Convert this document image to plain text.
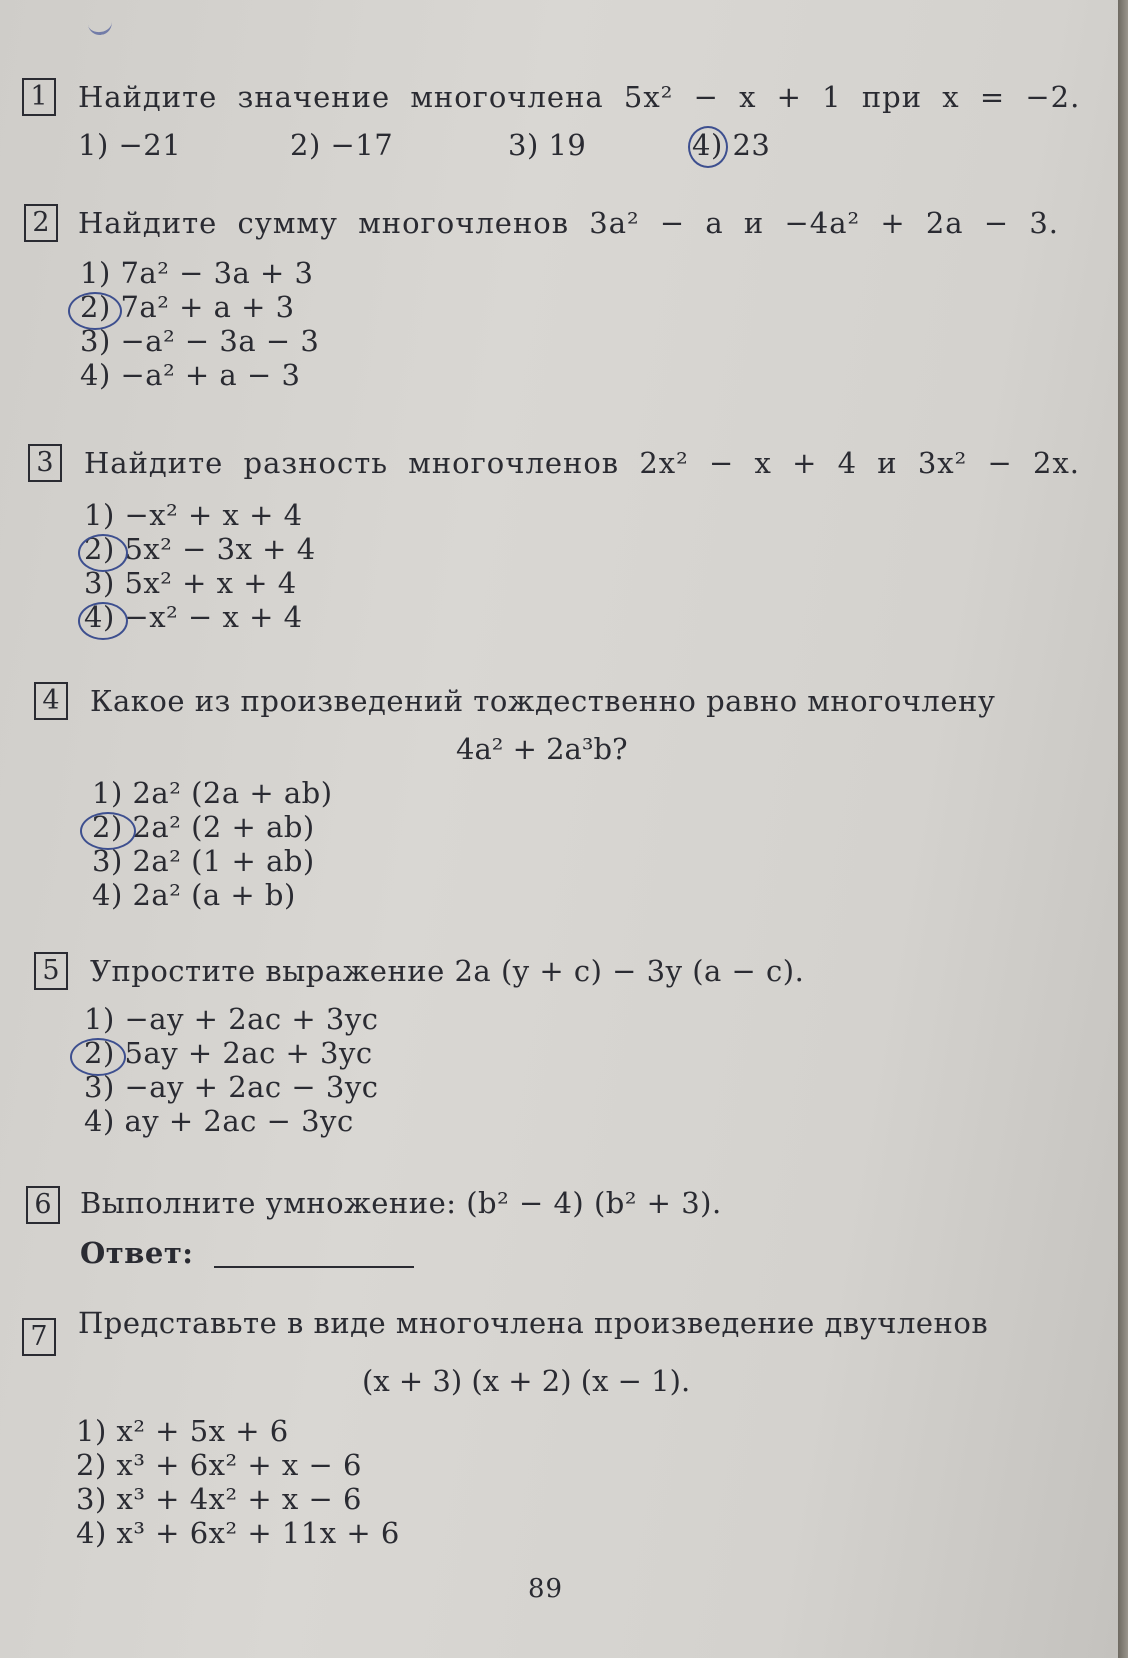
1 Найдите значение многочлена 5x² − x + 1 при x = −2.
1) −21	2) −17	3) 19	4) 23
2 Найдите сумму многочленов 3a² − a и −4a² + 2a − 3.
1) 7a² − 3a + 3
2) 7a² + a + 3
3) −a² − 3a − 3
4) −a² + a − 3
3 Найдите разность многочленов 2x² − x + 4 и 3x² − 2x.
1) −x² + x + 4
2) 5x² − 3x + 4
3) 5x² + x + 4
4) −x² − x + 4
4 Какое из произведений тождественно равно многочлену
4a² + 2a³b?
1) 2a² (2a + ab)
2) 2a² (2 + ab)
3) 2a² (1 + ab)
4) 2a² (a + b)
5 Упростите выражение 2a (y + c) − 3y (a − c).
1) −ay + 2ac + 3yc
2) 5ay + 2ac + 3yc
3) −ay + 2ac − 3yc
4) ay + 2ac − 3yc
6 Выполните умножение: (b² − 4) (b² + 3).
Ответ:
7 Представьте в виде многочлена произведение двучленов
(x + 3) (x + 2) (x − 1).
1) x² + 5x + 6
2) x³ + 6x² + x − 6
3) x³ + 4x² + x − 6
4) x³ + 6x² + 11x + 6
89
